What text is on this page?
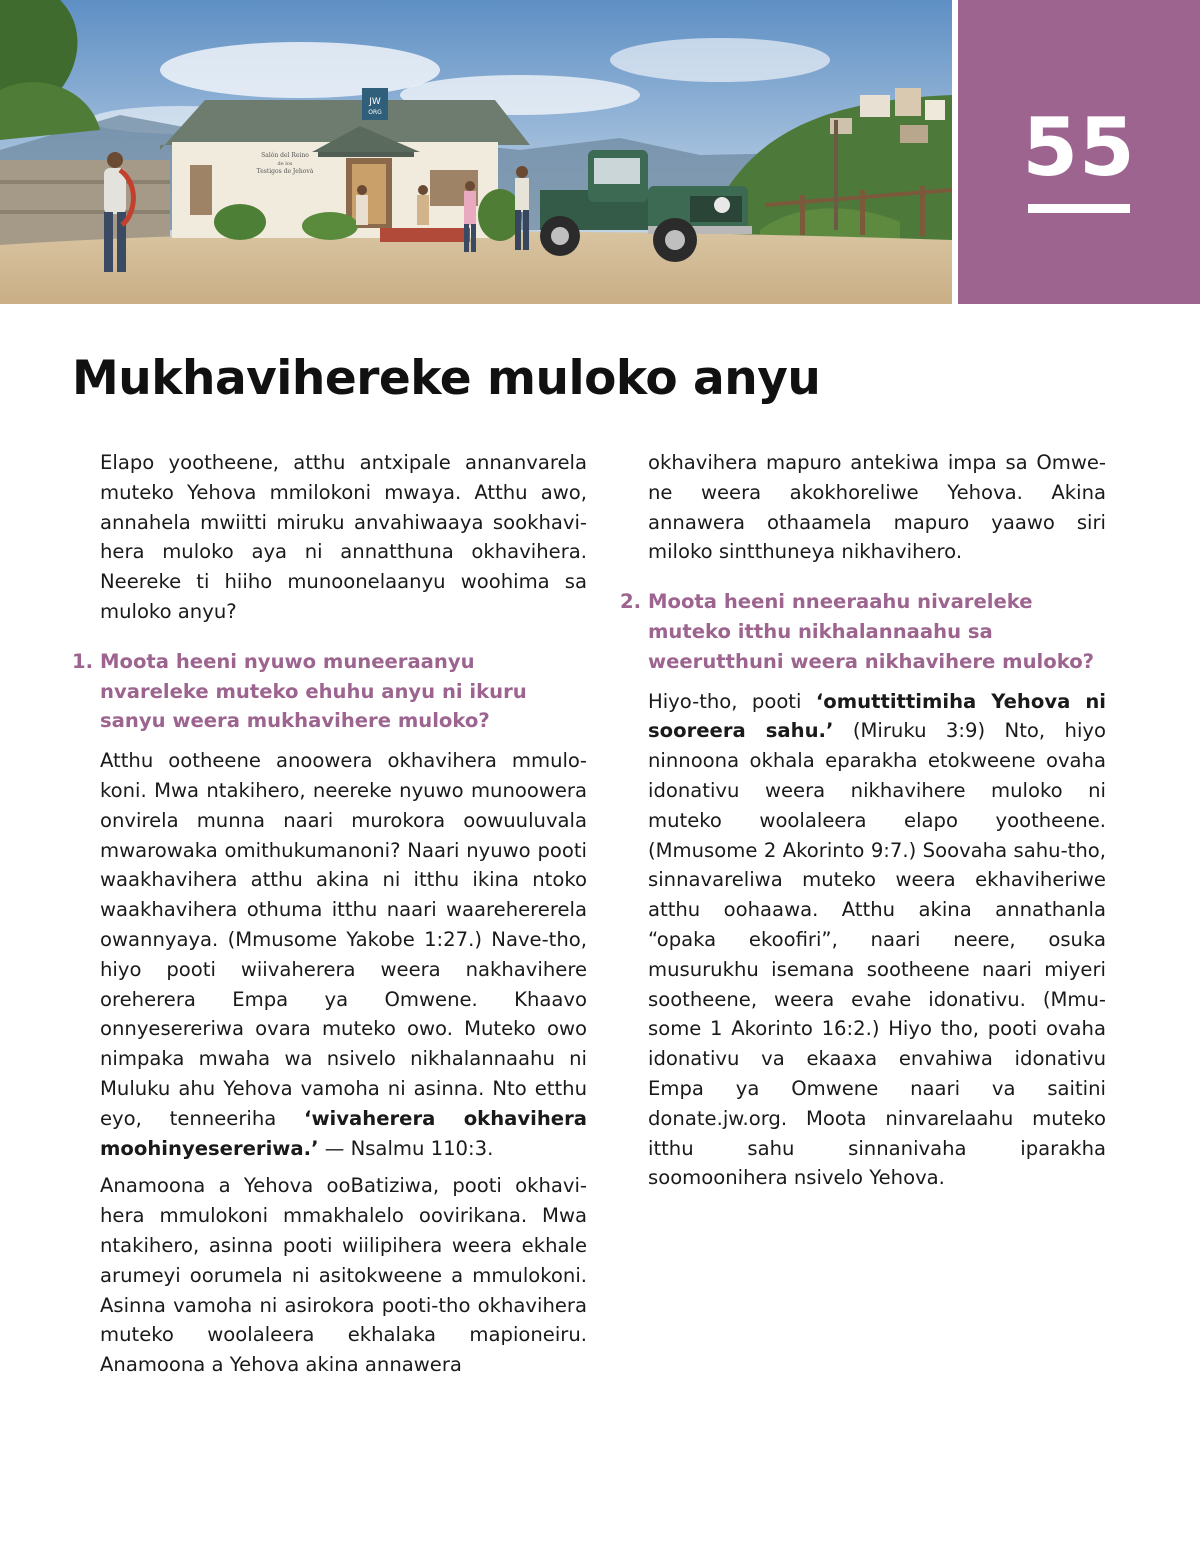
JW
ORG
Salón del Reino
de los
Testigos de Jehová	55
Mukhavihereke muloko anyu

Elapo yootheene, atthu antxipale annanvarela muteko Yehova mmilokoni mwaya. Atthu awo, annahela mwiitti miruku anvahiwaaya sookhavihera muloko aya ni annatthuna okhavihera. Neereke ti hiiho munoonelaanyu woohima sa muloko anyu?

1. Moota heeni nyuwo muneeraanyu nvareleke muteko ehuhu anyu ni ikuru sanyu weera mukhavihere muloko?

Atthu ootheene anoowera okhavihera mmulokoni. Mwa ntakihero, neereke nyuwo munoowera onvirela munna naari murokora oowuuluvala mwarowaka omithukumanoni? Naari nyuwo pooti waakhavihera atthu akina ni itthu ikina ntoko waakhavihera othuma itthu naari waarehererela owannyaya. (Mmusome Yakobe 1:27.) Nave-tho, hiyo pooti wiivaherera weera nakhavihere oreherera Empa ya Omwene. Khaavo onnyesereriwa ovara muteko owo. Muteko owo nimpaka mwaha wa nsivelo nikhalannaahu ni Muluku ahu Yehova vamoha ni asinna. Nto etthu eyo, tenneeriha ‘wivaherera okhavihera moohinyesereriwa.’ — Nsalmu 110:3.

Anamoona a Yehova ooBatiziwa, pooti okhavihera mmulokoni mmakhalelo oovirikana. Mwa ntakihero, asinna pooti wiilipihera weera ekhale arumeyi oorumela ni asitokweene a mmulokoni. Asinna vamoha ni asirokora pooti-tho okhavihera muteko woolaleera ekhalaka mapioneiru. Anamoona a Yehova akina annawera

okhavihera mapuro antekiwa impa sa Omwene weera akokhoreliwe Yehova. Akina annawera othaamela mapuro yaawo siri miloko sintthuneya nikhavihero.

2. Moota heeni nneeraahu nivareleke muteko itthu nikhalannaahu sa weerutthuni weera nikhavihere muloko?

Hiyo-tho, pooti ‘omuttittimiha Yehova ni sooreera sahu.’ (Miruku 3:9) Nto, hiyo ninnoona okhala eparakha etokweene ovaha idonativu weera nikhavihere muloko ni muteko woolaleera elapo yootheene. (Mmusome 2 Akorinto 9:7.) Soovaha sahu-tho, sinnavareliwa muteko weera ekhaviheriwe atthu oohaawa. Atthu akina annathanla “opaka ekoofiri”, naari neere, osuka musurukhu isemana sootheene naari miyeri sootheene, weera evahe idonativu. (Mmusome 1 Akorinto 16:2.) Hiyo tho, pooti ovaha idonativu va ekaaxa envahiwa idonativu Empa ya Omwene naari va saitini donate.jw.org. Moota ninvarelaahu muteko itthu sahu sinnanivaha iparakha soomoonihera nsivelo Yehova.
